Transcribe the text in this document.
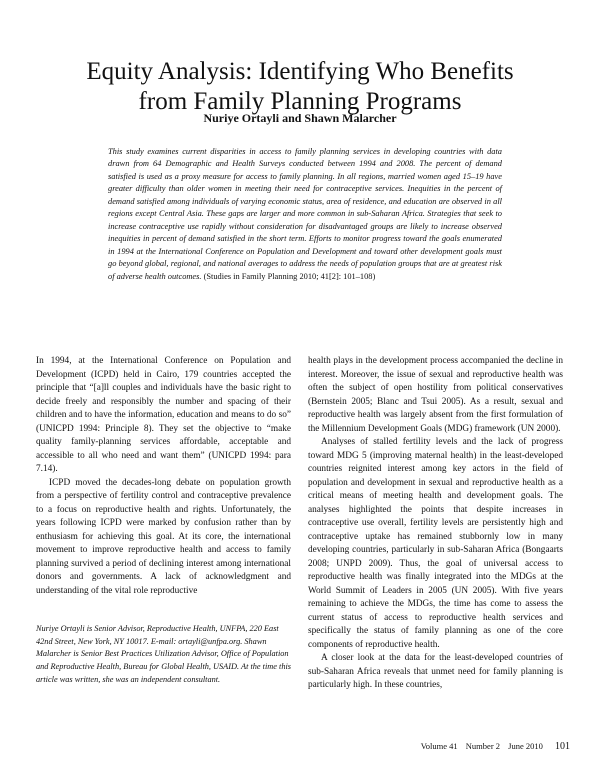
Equity Analysis: Identifying Who Benefits
from Family Planning Programs
Nuriye Ortayli and Shawn Malarcher

This study examines current disparities in access to family planning services in developing countries with data drawn from 64 Demographic and Health Surveys conducted between 1994 and 2008. The percent of demand satisfied is used as a proxy measure for access to family planning. In all regions, married women aged 15–19 have greater difficulty than older women in meeting their need for contraceptive services. Inequities in the percent of demand satisfied among individuals of varying economic status, area of residence, and education are observed in all regions except Central Asia. These gaps are larger and more common in sub-Saharan Africa. Strategies that seek to increase contraceptive use rapidly without consideration for disadvantaged groups are likely to increase observed inequities in percent of demand satisfied in the short term. Efforts to monitor progress toward the goals enumerated in 1994 at the International Conference on Population and Development and toward other development goals must go beyond global, regional, and national averages to address the needs of population groups that are at greatest risk of adverse health outcomes. (Studies in Family Planning 2010; 41[2]: 101–108)

In 1994, at the International Conference on Population and Development (ICPD) held in Cairo, 179 countries accepted the principle that “[a]ll couples and individuals have the basic right to decide freely and responsibly the number and spacing of their children and to have the information, education and means to do so” (UNICPD 1994: Principle 8). They set the objective to “make quality family-planning services affordable, acceptable and accessible to all who need and want them” (UNICPD 1994: para 7.14).

ICPD moved the decades-long debate on population growth from a perspective of fertility control and contraceptive prevalence to a focus on reproductive health and rights. Unfortunately, the years following ICPD were marked by confusion rather than by enthusiasm for achieving this goal. At its core, the international movement to improve reproductive health and access to family planning survived a period of declining interest among international donors and governments. A lack of acknowledgment and understanding of the vital role reproductive

health plays in the development process accompanied the decline in interest. Moreover, the issue of sexual and reproductive health was often the subject of open hostility from political conservatives (Bernstein 2005; Blanc and Tsui 2005). As a result, sexual and reproductive health was largely absent from the first formulation of the Millennium Development Goals (MDG) framework (UN 2000).

Analyses of stalled fertility levels and the lack of progress toward MDG 5 (improving maternal health) in the least-developed countries reignited interest among key actors in the field of population and development in sexual and reproductive health as a critical means of meeting health and development goals. The analyses highlighted the points that despite increases in contraceptive use overall, fertility levels are persistently high and contraceptive uptake has remained stubbornly low in many developing countries, particularly in sub-Saharan Africa (Bongaarts 2008; UNPD 2009). Thus, the goal of universal access to reproductive health was finally integrated into the MDGs at the World Summit of Leaders in 2005 (UN 2005). With five years remaining to achieve the MDGs, the time has come to assess the current status of access to reproductive health services and specifically the status of family planning as one of the core components of reproductive health.

A closer look at the data for the least-developed countries of sub-Saharan Africa reveals that unmet need for family planning is particularly high. In these countries,

Nuriye Ortayli is Senior Advisor, Reproductive Health, UNFPA, 220 East 42nd Street, New York, NY 10017. E-mail: ortayli@unfpa.org. Shawn Malarcher is Senior Best Practices Utilization Advisor, Office of Population and Reproductive Health, Bureau for Global Health, USAID. At the time this article was written, she was an independent consultant.

Volume 41 Number 2 June 2010 101
